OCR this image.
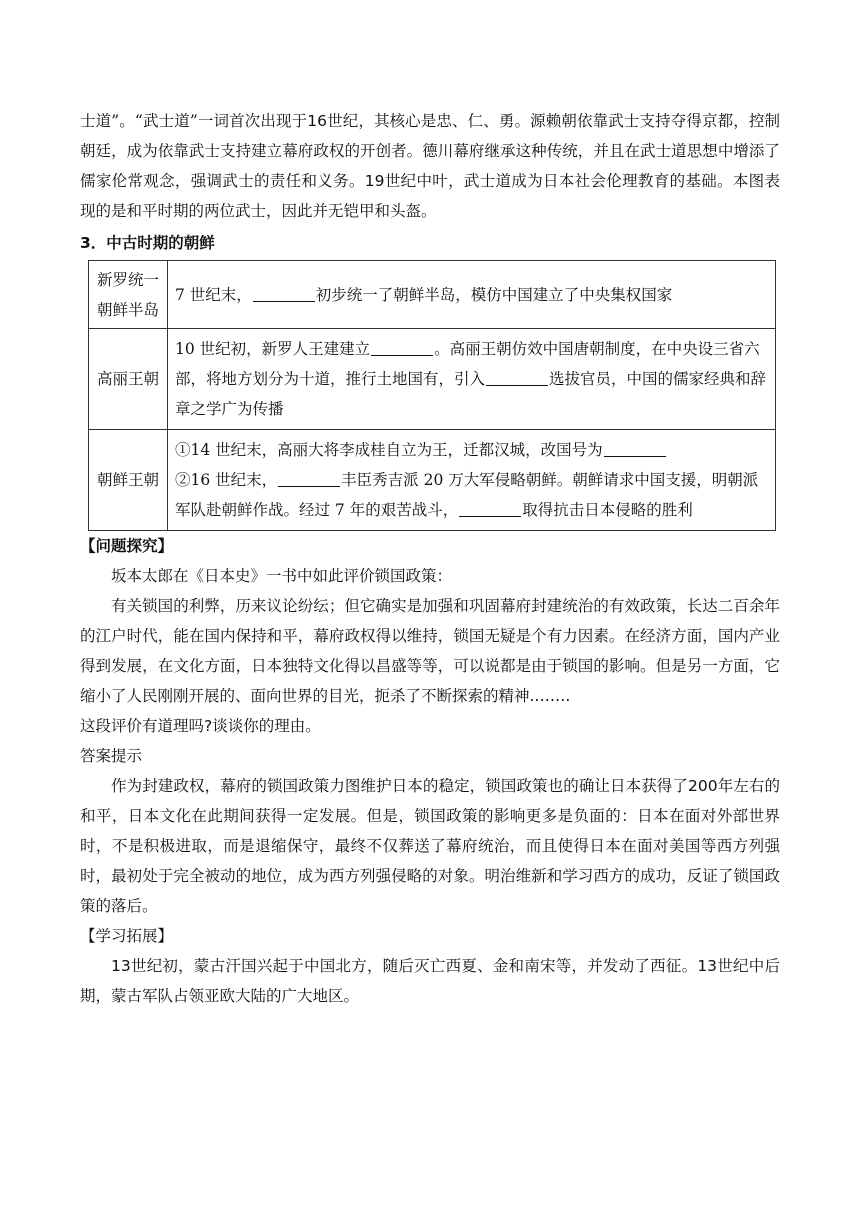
士道”。“武士道”一词首次出现于16世纪，其核心是忠、仁、勇。源赖朝依靠武士支持夺得京都，控制朝廷，成为依靠武士支持建立幕府政权的开创者。德川幕府继承这种传统，并且在武士道思想中增添了儒家伦常观念，强调武士的责任和义务。19世纪中叶，武士道成为日本社会伦理教育的基础。本图表现的是和平时期的两位武士，因此并无铠甲和头盔。

3．中古时期的朝鲜

新罗统一朝鲜半岛	7 世纪末， 初步统一了朝鲜半岛，模仿中国建立了中央集权国家
高丽王朝	10 世纪初，新罗人王建建立 。高丽王朝仿效中国唐朝制度，在中央设三省六部，将地方划分为十道，推行土地国有，引入 选拔官员，中国的儒家经典和辞章之学广为传播
朝鲜王朝	①14 世纪末，高丽大将李成桂自立为王，迁都汉城，改国号为
②16 世纪末， 丰臣秀吉派 20 万大军侵略朝鲜。朝鲜请求中国支援，明朝派军队赴朝鲜作战。经过 7 年的艰苦战斗， 取得抗击日本侵略的胜利

【问题探究】

坂本太郎在《日本史》一书中如此评价锁国政策：

有关锁国的利弊，历来议论纷纭；但它确实是加强和巩固幕府封建统治的有效政策，长达二百余年的江户时代，能在国内保持和平，幕府政权得以维持，锁国无疑是个有力因素。在经济方面，国内产业得到发展，在文化方面，日本独特文化得以昌盛等等，可以说都是由于锁国的影响。但是另一方面，它缩小了人民刚刚开展的、面向世界的目光，扼杀了不断探索的精神.…….

这段评价有道理吗?谈谈你的理由。

答案提示

作为封建政权，幕府的锁国政策力图维护日本的稳定，锁国政策也的确让日本获得了200年左右的和平，日本文化在此期间获得一定发展。但是，锁国政策的影响更多是负面的：日本在面对外部世界时，不是积极进取，而是退缩保守，最终不仅葬送了幕府统治，而且使得日本在面对美国等西方列强时，最初处于完全被动的地位，成为西方列强侵略的对象。明治维新和学习西方的成功，反证了锁国政策的落后。

【学习拓展】

13世纪初，蒙古汗国兴起于中国北方，随后灭亡西夏、金和南宋等，并发动了西征。13世纪中后期，蒙古军队占领亚欧大陆的广大地区。
